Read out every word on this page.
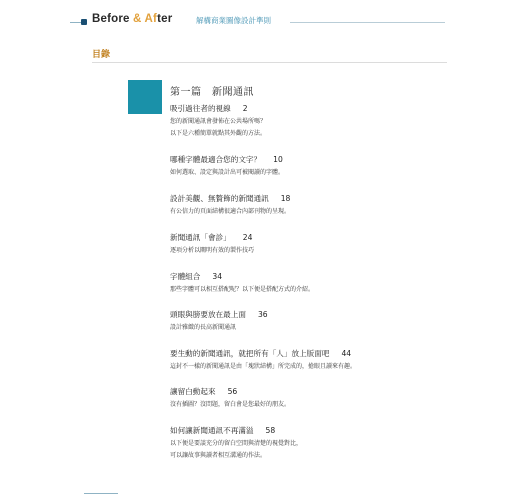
Before & After	解構商業圖像設計準則
目錄
第一篇　新聞通訊
吸引過往者的視線 2
您的新聞通訊會發佈在公共場所嗎？
以下是六種簡單就點其外觀的方法。
哪種字體最適合您的文字？ 10
如何選取、設定與設計出可被閱讀的字體。
設計美觀、無贅飾的新聞通訊 18
有公信力的頁面結構很適合內部刊物的呈現。
新聞通訊「會診」 24
逐項分析以闡明有效的製作技巧
字體組合 34
那些字體可以相互搭配呢？以下便是搭配方式的介紹。
頭眼與膀要放在最上面 36
設計雅緻的長高新聞通訊
要生動的新聞通訊，就把所有「人」放上版面吧 44
這封不一樣的新聞通訊是由「塊狀結構」所完成的，搶眼且讀來有趣。
讓留白動起來 56
沒有插圖？沒問題，留白會是您最好的朋友。
如何讓新聞通訊不再滿溢 58
以下便是要談充分的留白空間與清楚的視覺對比，
可以讓故事與讀者相互溝通的作法。
